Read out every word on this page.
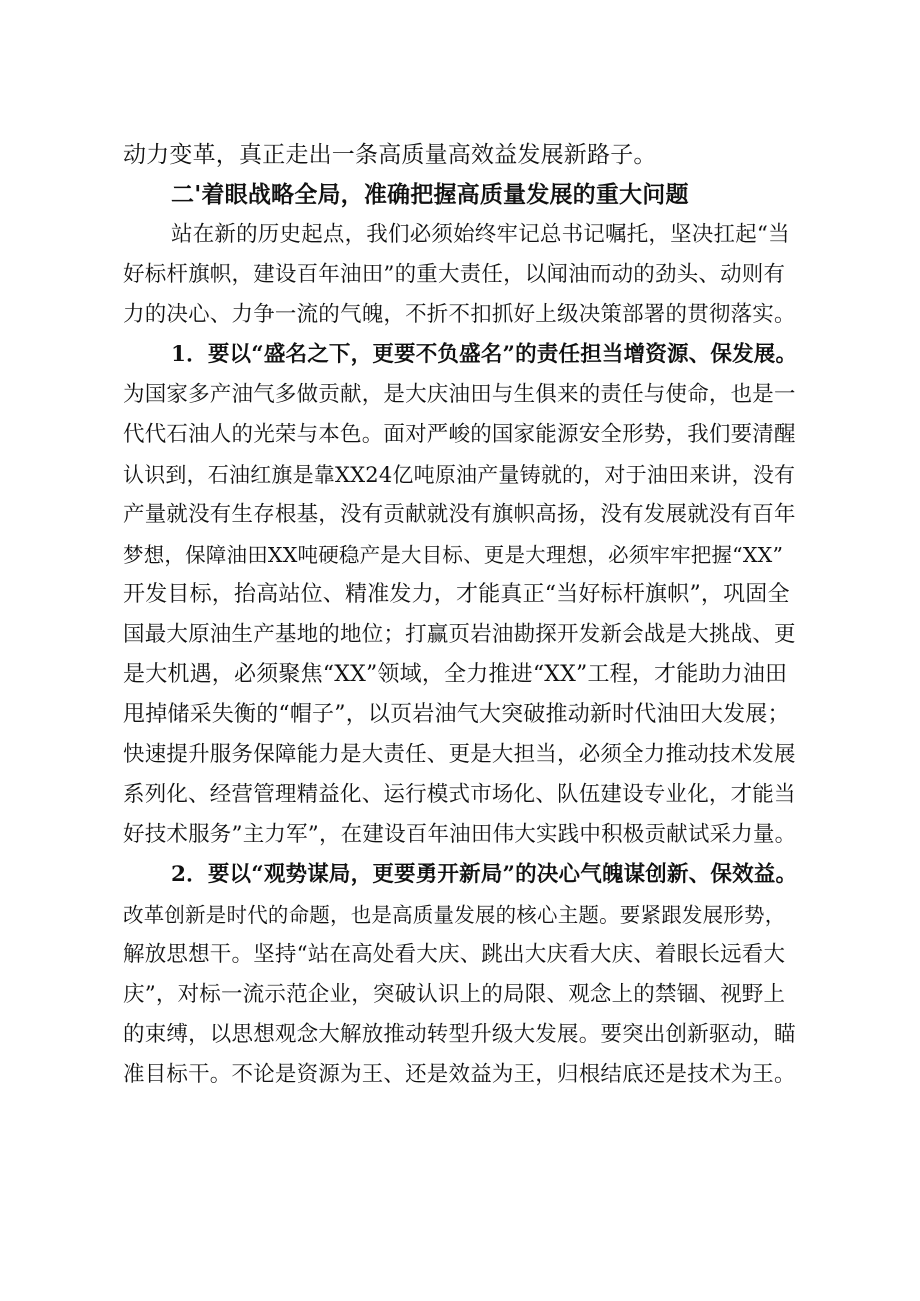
动力变革，真正走出一条高质量高效益发展新路子。
二'着眼战略全局，准确把握高质量发展的重大问题
站在新的历史起点，我们必须始终牢记总书记嘱托，坚决扛起“当
好标杆旗帜，建设百年油田”的重大责任，以闻油而动的劲头、动则有
力的决心、力争一流的气魄，不折不扣抓好上级决策部署的贯彻落实。
1．要以“盛名之下，更要不负盛名”的责任担当增资源、保发展。
为国家多产油气多做贡献，是大庆油田与生俱来的责任与使命，也是一
代代石油人的光荣与本色。面对严峻的国家能源安全形势，我们要清醒
认识到，石油红旗是靠XX24亿吨原油产量铸就的，对于油田来讲，没有
产量就没有生存根基，没有贡献就没有旗帜高扬，没有发展就没有百年
梦想，保障油田XX吨硬稳产是大目标、更是大理想，必须牢牢把握“XX”
开发目标，抬高站位、精准发力，才能真正“当好标杆旗帜”，巩固全
国最大原油生产基地的地位；打赢页岩油勘探开发新会战是大挑战、更
是大机遇，必须聚焦“XX”领域，全力推进“XX”工程，才能助力油田
甩掉储采失衡的“帽子”，以页岩油气大突破推动新时代油田大发展；
快速提升服务保障能力是大责任、更是大担当，必须全力推动技术发展
系列化、经营管理精益化、运行模式市场化、队伍建设专业化，才能当
好技术服务”主力军”，在建设百年油田伟大实践中积极贡献试采力量。
2．要以“观势谋局，更要勇开新局”的决心气魄谋创新、保效益。
改革创新是时代的命题，也是高质量发展的核心主题。要紧跟发展形势，
解放思想干。坚持“站在高处看大庆、跳出大庆看大庆、着眼长远看大
庆”，对标一流示范企业，突破认识上的局限、观念上的禁锢、视野上
的束缚，以思想观念大解放推动转型升级大发展。要突出创新驱动，瞄
准目标干。不论是资源为王、还是效益为王，归根结底还是技术为王。
